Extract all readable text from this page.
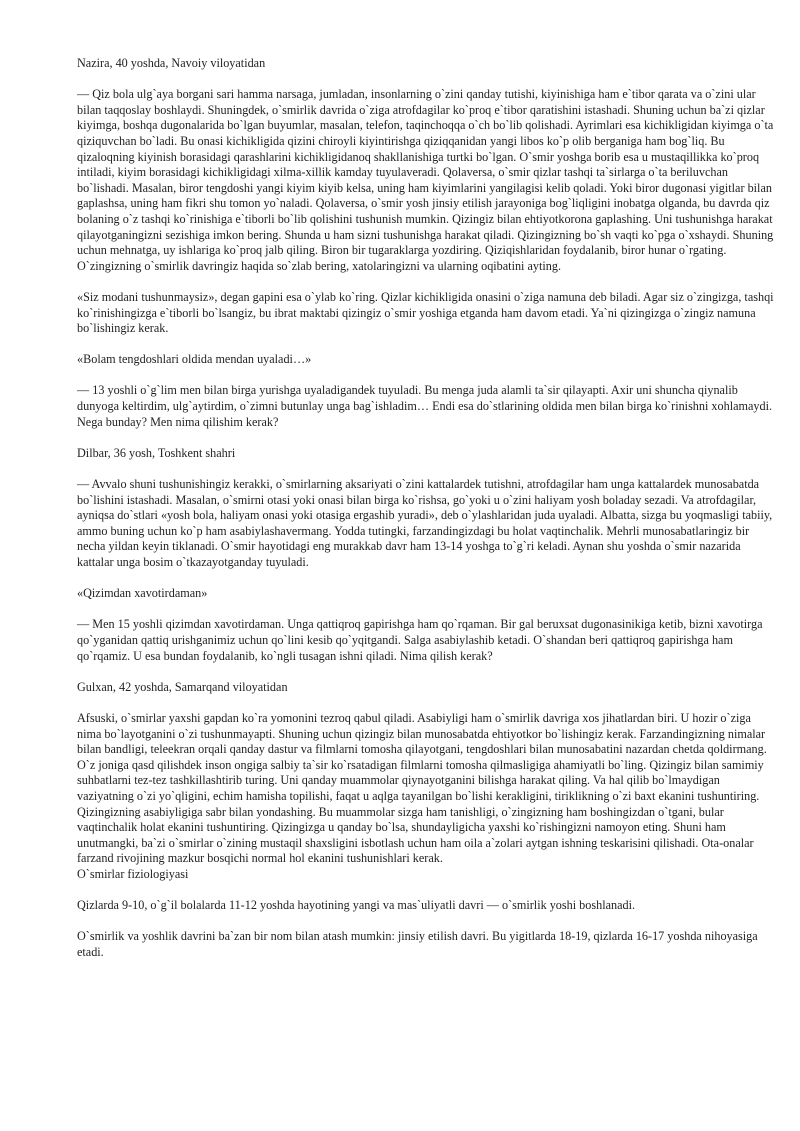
Nazira, 40 yoshda, Navoiy viloyatidan

— Qiz bola ulg`aya borgani sari hamma narsaga, jumladan, insonlarning o`zini qanday tutishi, kiyinishiga ham e`tibor qarata va o`zini ular bilan taqqoslay boshlaydi. Shuningdek, o`smirlik davrida o`ziga atrofdagilar ko`proq e`tibor qaratishini istashadi. Shuning uchun ba`zi qizlar kiyimga, boshqa dugonalarida bo`lgan buyumlar, masalan, telefon, taqinchoqqa o`ch bo`lib qolishadi. Ayrimlari esa kichikligidan kiyimga o`ta qiziquvchan bo`ladi. Bu onasi kichikligida qizini chiroyli kiyintirishga qiziqqanidan yangi libos ko`p olib berganiga ham bog`liq. Bu qizaloqning kiyinish borasidagi qarashlarini kichikligidanoq shakllanishiga turtki bo`lgan. O`smir yoshga borib esa u mustaqillikka ko`proq intiladi, kiyim borasidagi kichikligidagi xilma-xillik kamday tuyulaveradi. Qolaversa, o`smir qizlar tashqi ta`sirlarga o`ta beriluvchan bo`lishadi. Masalan, biror tengdoshi yangi kiyim kiyib kelsa, uning ham kiyimlarini yangilagisi kelib qoladi. Yoki biror dugonasi yigitlar bilan gaplashsa, uning ham fikri shu tomon yo`naladi. Qolaversa, o`smir yosh jinsiy etilish jarayoniga bog`liqligini inobatga olganda, bu davrda qiz bolaning o`z tashqi ko`rinishiga e`tiborli bo`lib qolishini tushunish mumkin. Qizingiz bilan ehtiyotkorona gaplashing. Uni tushunishga harakat qilayotganingizni sezishiga imkon bering. Shunda u ham sizni tushunishga harakat qiladi. Qizingizning bo`sh vaqti ko`pga o`xshaydi. Shuning uchun mehnatga, uy ishlariga ko`proq jalb qiling. Biron bir tugaraklarga yozdiring. Qiziqishlaridan foydalanib, biror hunar o`rgating. O`zingizning o`smirlik davringiz haqida so`zlab bering, xatolaringizni va ularning oqibatini ayting.

«Siz modani tushunmaysiz», degan gapini esa o`ylab ko`ring. Qizlar kichikligida onasini o`ziga namuna deb biladi. Agar siz o`zingizga, tashqi ko`rinishingizga e`tiborli bo`lsangiz, bu ibrat maktabi qizingiz o`smir yoshiga etganda ham davom etadi. Ya`ni qizingizga o`zingiz namuna bo`lishingiz kerak.

«Bolam tengdoshlari oldida mendan uyaladi…»

— 13 yoshli o`g`lim men bilan birga yurishga uyaladigandek tuyuladi. Bu menga juda alamli ta`sir qilayapti. Axir uni shuncha qiynalib dunyoga keltirdim, ulg`aytirdim, o`zimni butunlay unga bag`ishladim… Endi esa do`stlarining oldida men bilan birga ko`rinishni xohlamaydi. Nega bunday? Men nima qilishim kerak?

Dilbar, 36 yosh, Toshkent shahri

— Avvalo shuni tushunishingiz kerakki, o`smirlarning aksariyati o`zini kattalardek tutishni, atrofdagilar ham unga kattalardek munosabatda bo`lishini istashadi. Masalan, o`smirni otasi yoki onasi bilan birga ko`rishsa, go`yoki u o`zini haliyam yosh boladay sezadi. Va atrofdagilar, ayniqsa do`stlari «yosh bola, haliyam onasi yoki otasiga ergashib yuradi», deb o`ylashlaridan juda uyaladi. Albatta, sizga bu yoqmasligi tabiiy, ammo buning uchun ko`p ham asabiylashavermang. Yodda tutingki, farzandingizdagi bu holat vaqtinchalik. Mehrli munosabatlaringiz bir necha yildan keyin tiklanadi. O`smir hayotidagi eng murakkab davr ham 13-14 yoshga to`g`ri keladi. Aynan shu yoshda o`smir nazarida kattalar unga bosim o`tkazayotganday tuyuladi.

«Qizimdan xavotirdaman»

— Men 15 yoshli qizimdan xavotirdaman. Unga qattiqroq gapirishga ham qo`rqaman. Bir gal beruxsat dugonasinikiga ketib, bizni xavotirga qo`yganidan qattiq urishganimiz uchun qo`lini kesib qo`yqitgandi. Salga asabiylashib ketadi. O`shandan beri qattiqroq gapirishga ham qo`rqamiz. U esa bundan foydalanib, ko`ngli tusagan ishni qiladi. Nima qilish kerak?

Gulxan, 42 yoshda, Samarqand viloyatidan

Afsuski, o`smirlar yaxshi gapdan ko`ra yomonini tezroq qabul qiladi. Asabiyligi ham o`smirlik davriga xos jihatlardan biri. U hozir o`ziga nima bo`layotganini o`zi tushunmayapti. Shuning uchun qizingiz bilan munosabatda ehtiyotkor bo`lishingiz kerak. Farzandingizning nimalar bilan bandligi, teleekran orqali qanday dastur va filmlarni tomosha qilayotgani, tengdoshlari bilan munosabatini nazardan chetda qoldirmang. O`z joniga qasd qilishdek inson ongiga salbiy ta`sir ko`rsatadigan filmlarni tomosha qilmasligiga ahamiyatli bo`ling. Qizingiz bilan samimiy suhbatlarni tez-tez tashkillashtirib turing. Uni qanday muammolar qiynayotganini bilishga harakat qiling. Va hal qilib bo`lmaydigan vaziyatning o`zi yo`qligini, echim hamisha topilishi, faqat u aqlga tayanilgan bo`lishi kerakligini, tiriklikning o`zi baxt ekanini tushuntiring. Qizingizning asabiyligiga sabr bilan yondashing. Bu muammolar sizga ham tanishligi, o`zingizning ham boshingizdan o`tgani, bular vaqtinchalik holat ekanini tushuntiring. Qizingizga u qanday bo`lsa, shundayligicha yaxshi ko`rishingizni namoyon eting. Shuni ham unutmangki, ba`zi o`smirlar o`zining mustaqil shaxsligini isbotlash uchun ham oila a`zolari aytgan ishning teskarisini qilishadi. Ota-onalar farzand rivojining mazkur bosqichi normal hol ekanini tushunishlari kerak.

O`smirlar fiziologiyasi

Qizlarda 9-10, o`g`il bolalarda 11-12 yoshda hayotining yangi va mas`uliyatli davri — o`smirlik yoshi boshlanadi.

O`smirlik va yoshlik davrini ba`zan bir nom bilan atash mumkin: jinsiy etilish davri. Bu yigitlarda 18-19, qizlarda 16-17 yoshda nihoyasiga etadi.
